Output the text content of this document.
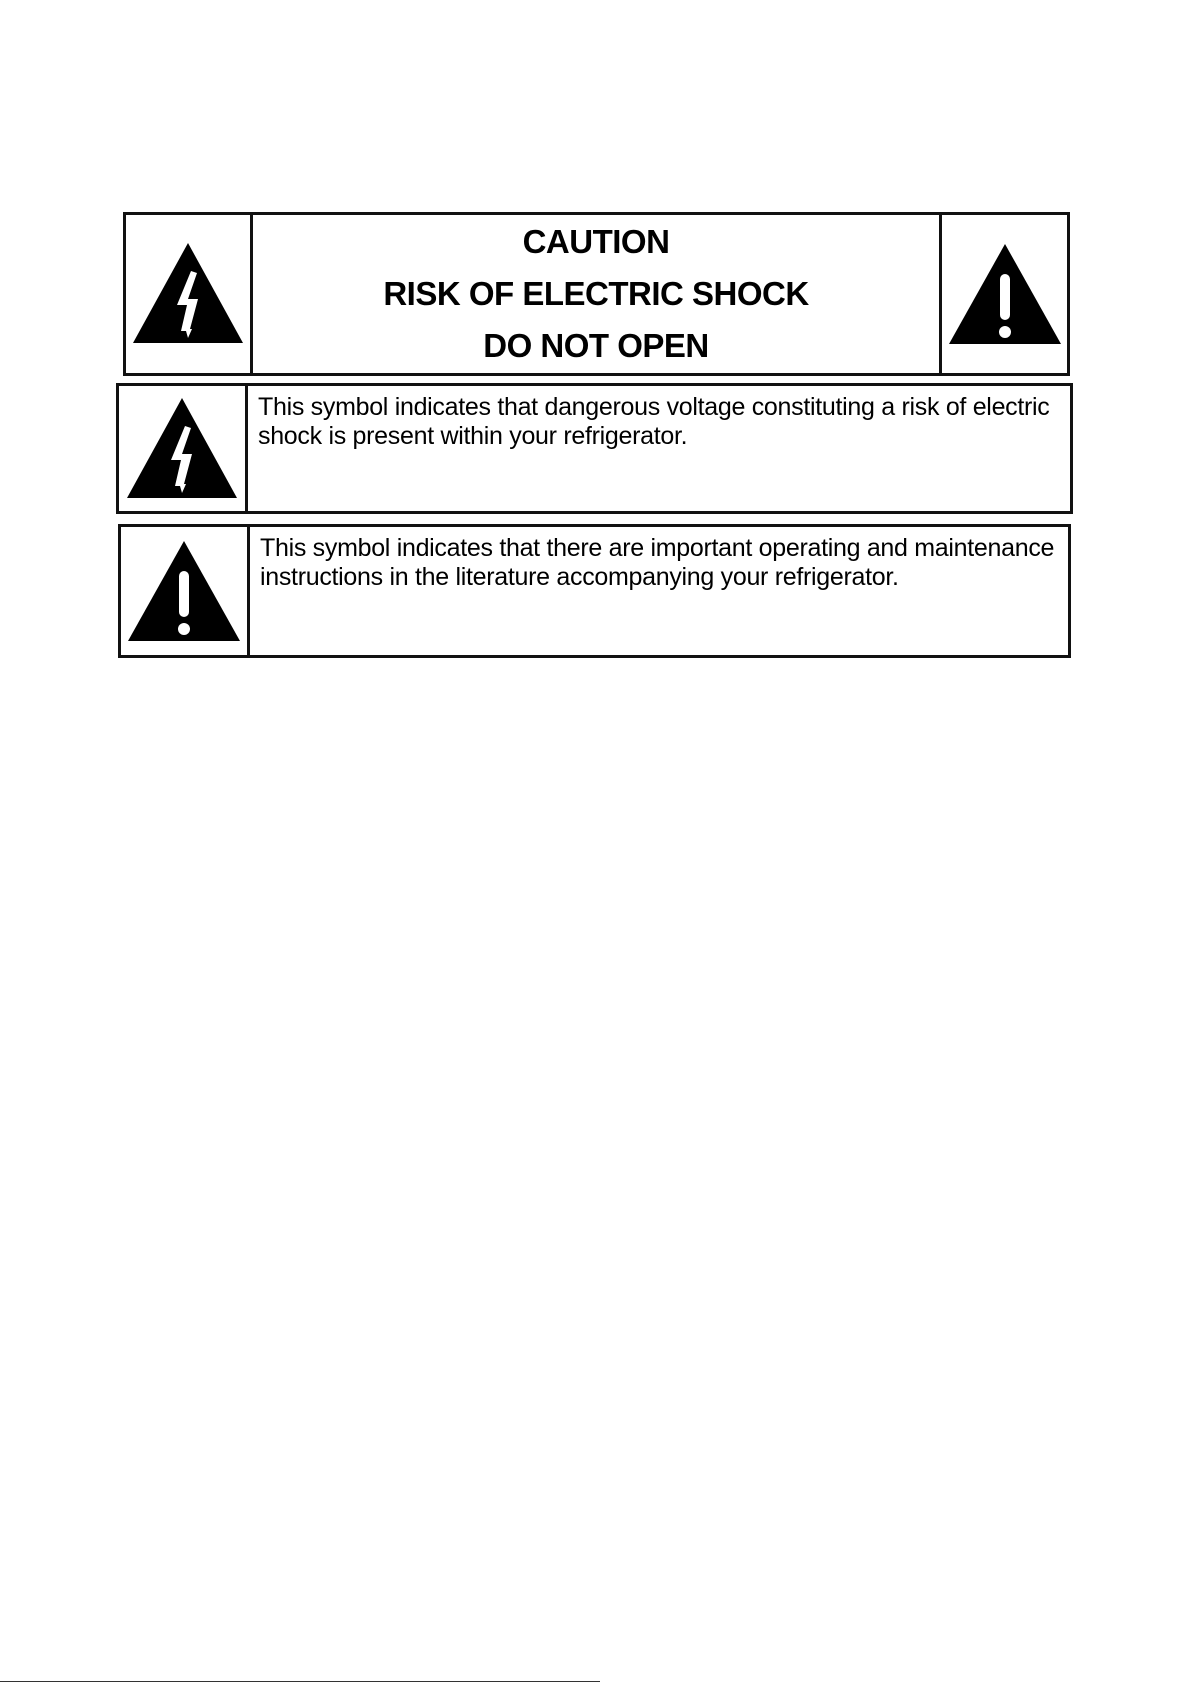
CAUTION
RISK OF ELECTRIC SHOCK
DO NOT OPEN
This symbol indicates that dangerous voltage constituting a risk of electric shock is present within your refrigerator.
This symbol indicates that there are important operating and maintenance instructions in the literature accompanying your refrigerator.
